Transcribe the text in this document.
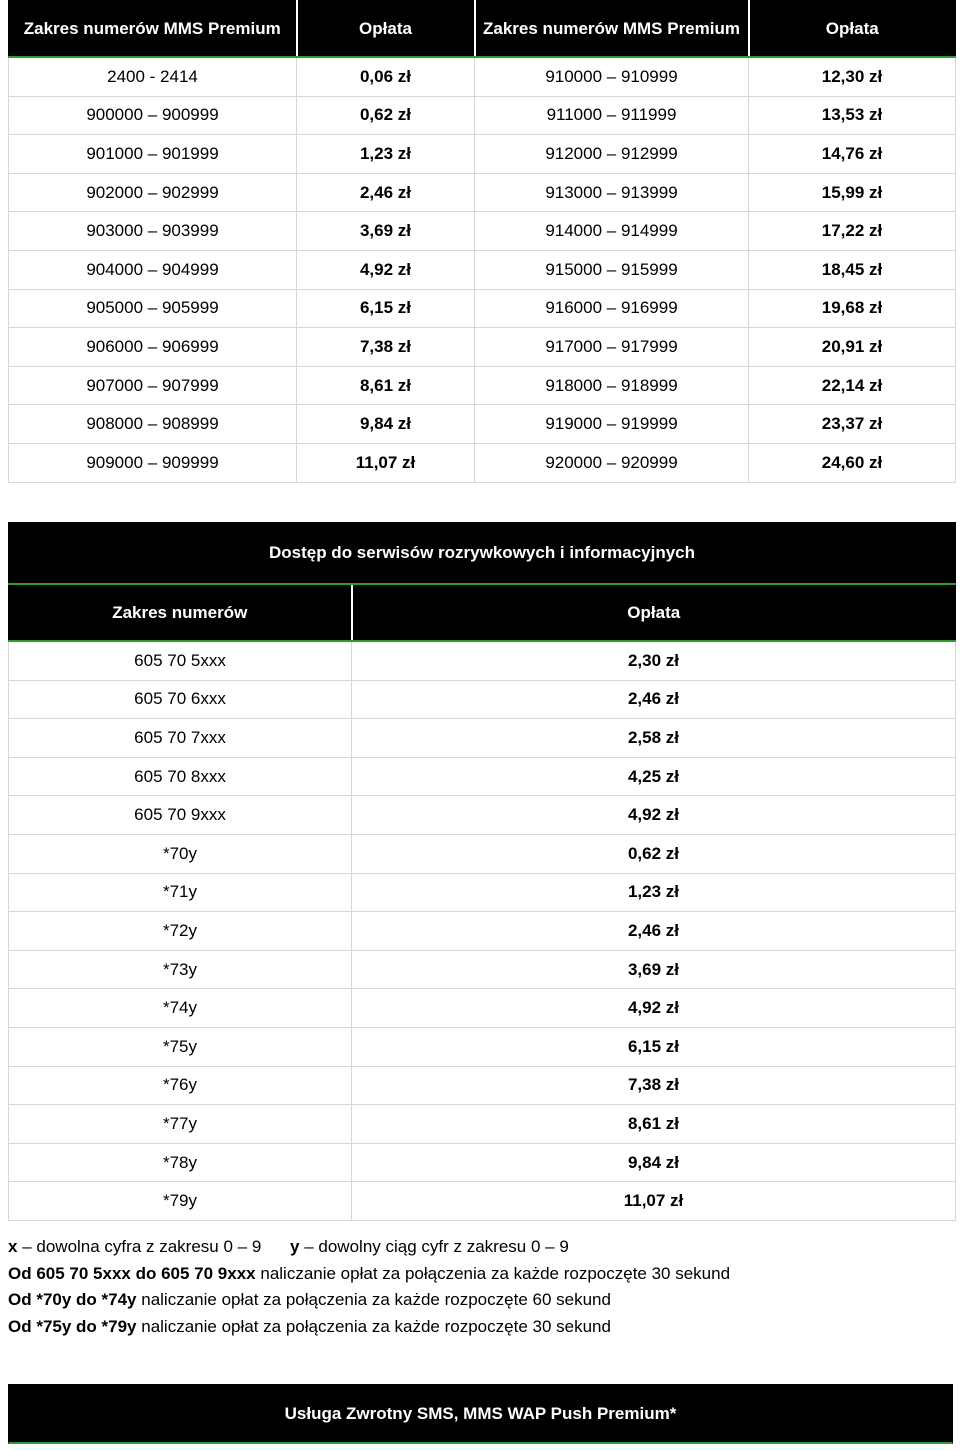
Zakres numerów MMS Premium	Opłata	Zakres numerów MMS Premium	Opłata
2400 - 2414	0,06 zł	910000 – 910999	12,30 zł
900000 – 900999	0,62 zł	911000 – 911999	13,53 zł
901000 – 901999	1,23 zł	912000 – 912999	14,76 zł
902000 – 902999	2,46 zł	913000 – 913999	15,99 zł
903000 – 903999	3,69 zł	914000 – 914999	17,22 zł
904000 – 904999	4,92 zł	915000 – 915999	18,45 zł
905000 – 905999	6,15 zł	916000 – 916999	19,68 zł
906000 – 906999	7,38 zł	917000 – 917999	20,91 zł
907000 – 907999	8,61 zł	918000 – 918999	22,14 zł
908000 – 908999	9,84 zł	919000 – 919999	23,37 zł
909000 – 909999	11,07 zł	920000 – 920999	24,60 zł
Dostęp do serwisów rozrywkowych i informacyjnych	
Zakres numerów	Opłata
605 70 5xxx	2,30 zł
605 70 6xxx	2,46 zł
605 70 7xxx	2,58 zł
605 70 8xxx	4,25 zł
605 70 9xxx	4,92 zł
*70y	0,62 zł
*71y	1,23 zł
*72y	2,46 zł
*73y	3,69 zł
*74y	4,92 zł
*75y	6,15 zł
*76y	7,38 zł
*77y	8,61 zł
*78y	9,84 zł
*79y	11,07 zł
x – dowolna cyfra z zakresu 0 – 9 y – dowolny ciąg cyfr z zakresu 0 – 9
Od 605 70 5xxx do 605 70 9xxx naliczanie opłat za połączenia za każde rozpoczęte 30 sekund
Od *70y do *74y naliczanie opłat za połączenia za każde rozpoczęte 60 sekund
Od *75y do *79y naliczanie opłat za połączenia za każde rozpoczęte 30 sekund
Usługa Zwrotny SMS, MMS WAP Push Premium*
